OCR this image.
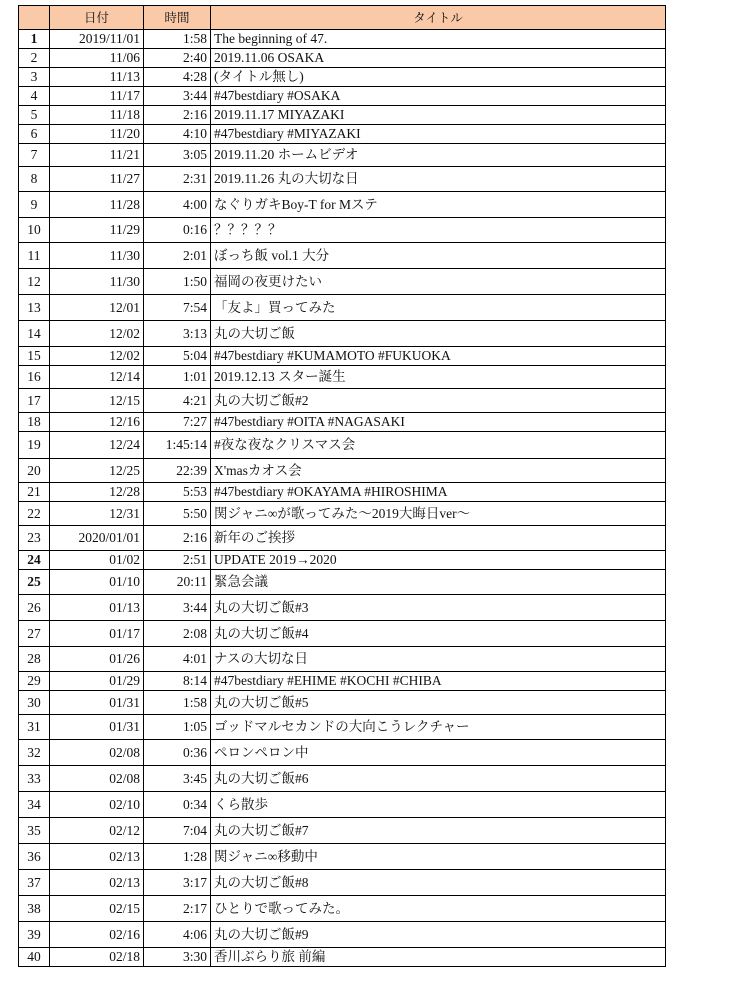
	日付	時間	タイトル
1	2019/11/01	1:58	The beginning of 47.
2	11/06	2:40	2019.11.06 OSAKA
3	11/13	4:28	(タイトル無し)
4	11/17	3:44	#47bestdiary #OSAKA
5	11/18	2:16	2019.11.17 MIYAZAKI
6	11/20	4:10	#47bestdiary #MIYAZAKI
7	11/21	3:05	2019.11.20 ホームビデオ
8	11/27	2:31	2019.11.26 丸の大切な日
9	11/28	4:00	なぐりガキBoy-T for Mステ
10	11/29	0:16	？？？？？
11	11/30	2:01	ぼっち飯 vol.1 大分
12	11/30	1:50	福岡の夜更けたい
13	12/01	7:54	「友よ」買ってみた
14	12/02	3:13	丸の大切ご飯
15	12/02	5:04	#47bestdiary #KUMAMOTO #FUKUOKA
16	12/14	1:01	2019.12.13 スター誕生
17	12/15	4:21	丸の大切ご飯#2
18	12/16	7:27	#47bestdiary #OITA #NAGASAKI
19	12/24	1:45:14	#夜な夜なクリスマス会
20	12/25	22:39	X'masカオス会
21	12/28	5:53	#47bestdiary #OKAYAMA #HIROSHIMA
22	12/31	5:50	関ジャニ∞が歌ってみた〜2019大晦日ver〜
23	2020/01/01	2:16	新年のご挨拶
24	01/02	2:51	UPDATE 2019→2020
25	01/10	20:11	緊急会議
26	01/13	3:44	丸の大切ご飯#3
27	01/17	2:08	丸の大切ご飯#4
28	01/26	4:01	ナスの大切な日
29	01/29	8:14	#47bestdiary #EHIME #KOCHI #CHIBA
30	01/31	1:58	丸の大切ご飯#5
31	01/31	1:05	ゴッドマルセカンドの大向こうレクチャー
32	02/08	0:36	ペロンペロン中
33	02/08	3:45	丸の大切ご飯#6
34	02/10	0:34	くら散歩
35	02/12	7:04	丸の大切ご飯#7
36	02/13	1:28	関ジャニ∞移動中
37	02/13	3:17	丸の大切ご飯#8
38	02/15	2:17	ひとりで歌ってみた。
39	02/16	4:06	丸の大切ご飯#9
40	02/18	3:30	香川ぶらり旅 前編
